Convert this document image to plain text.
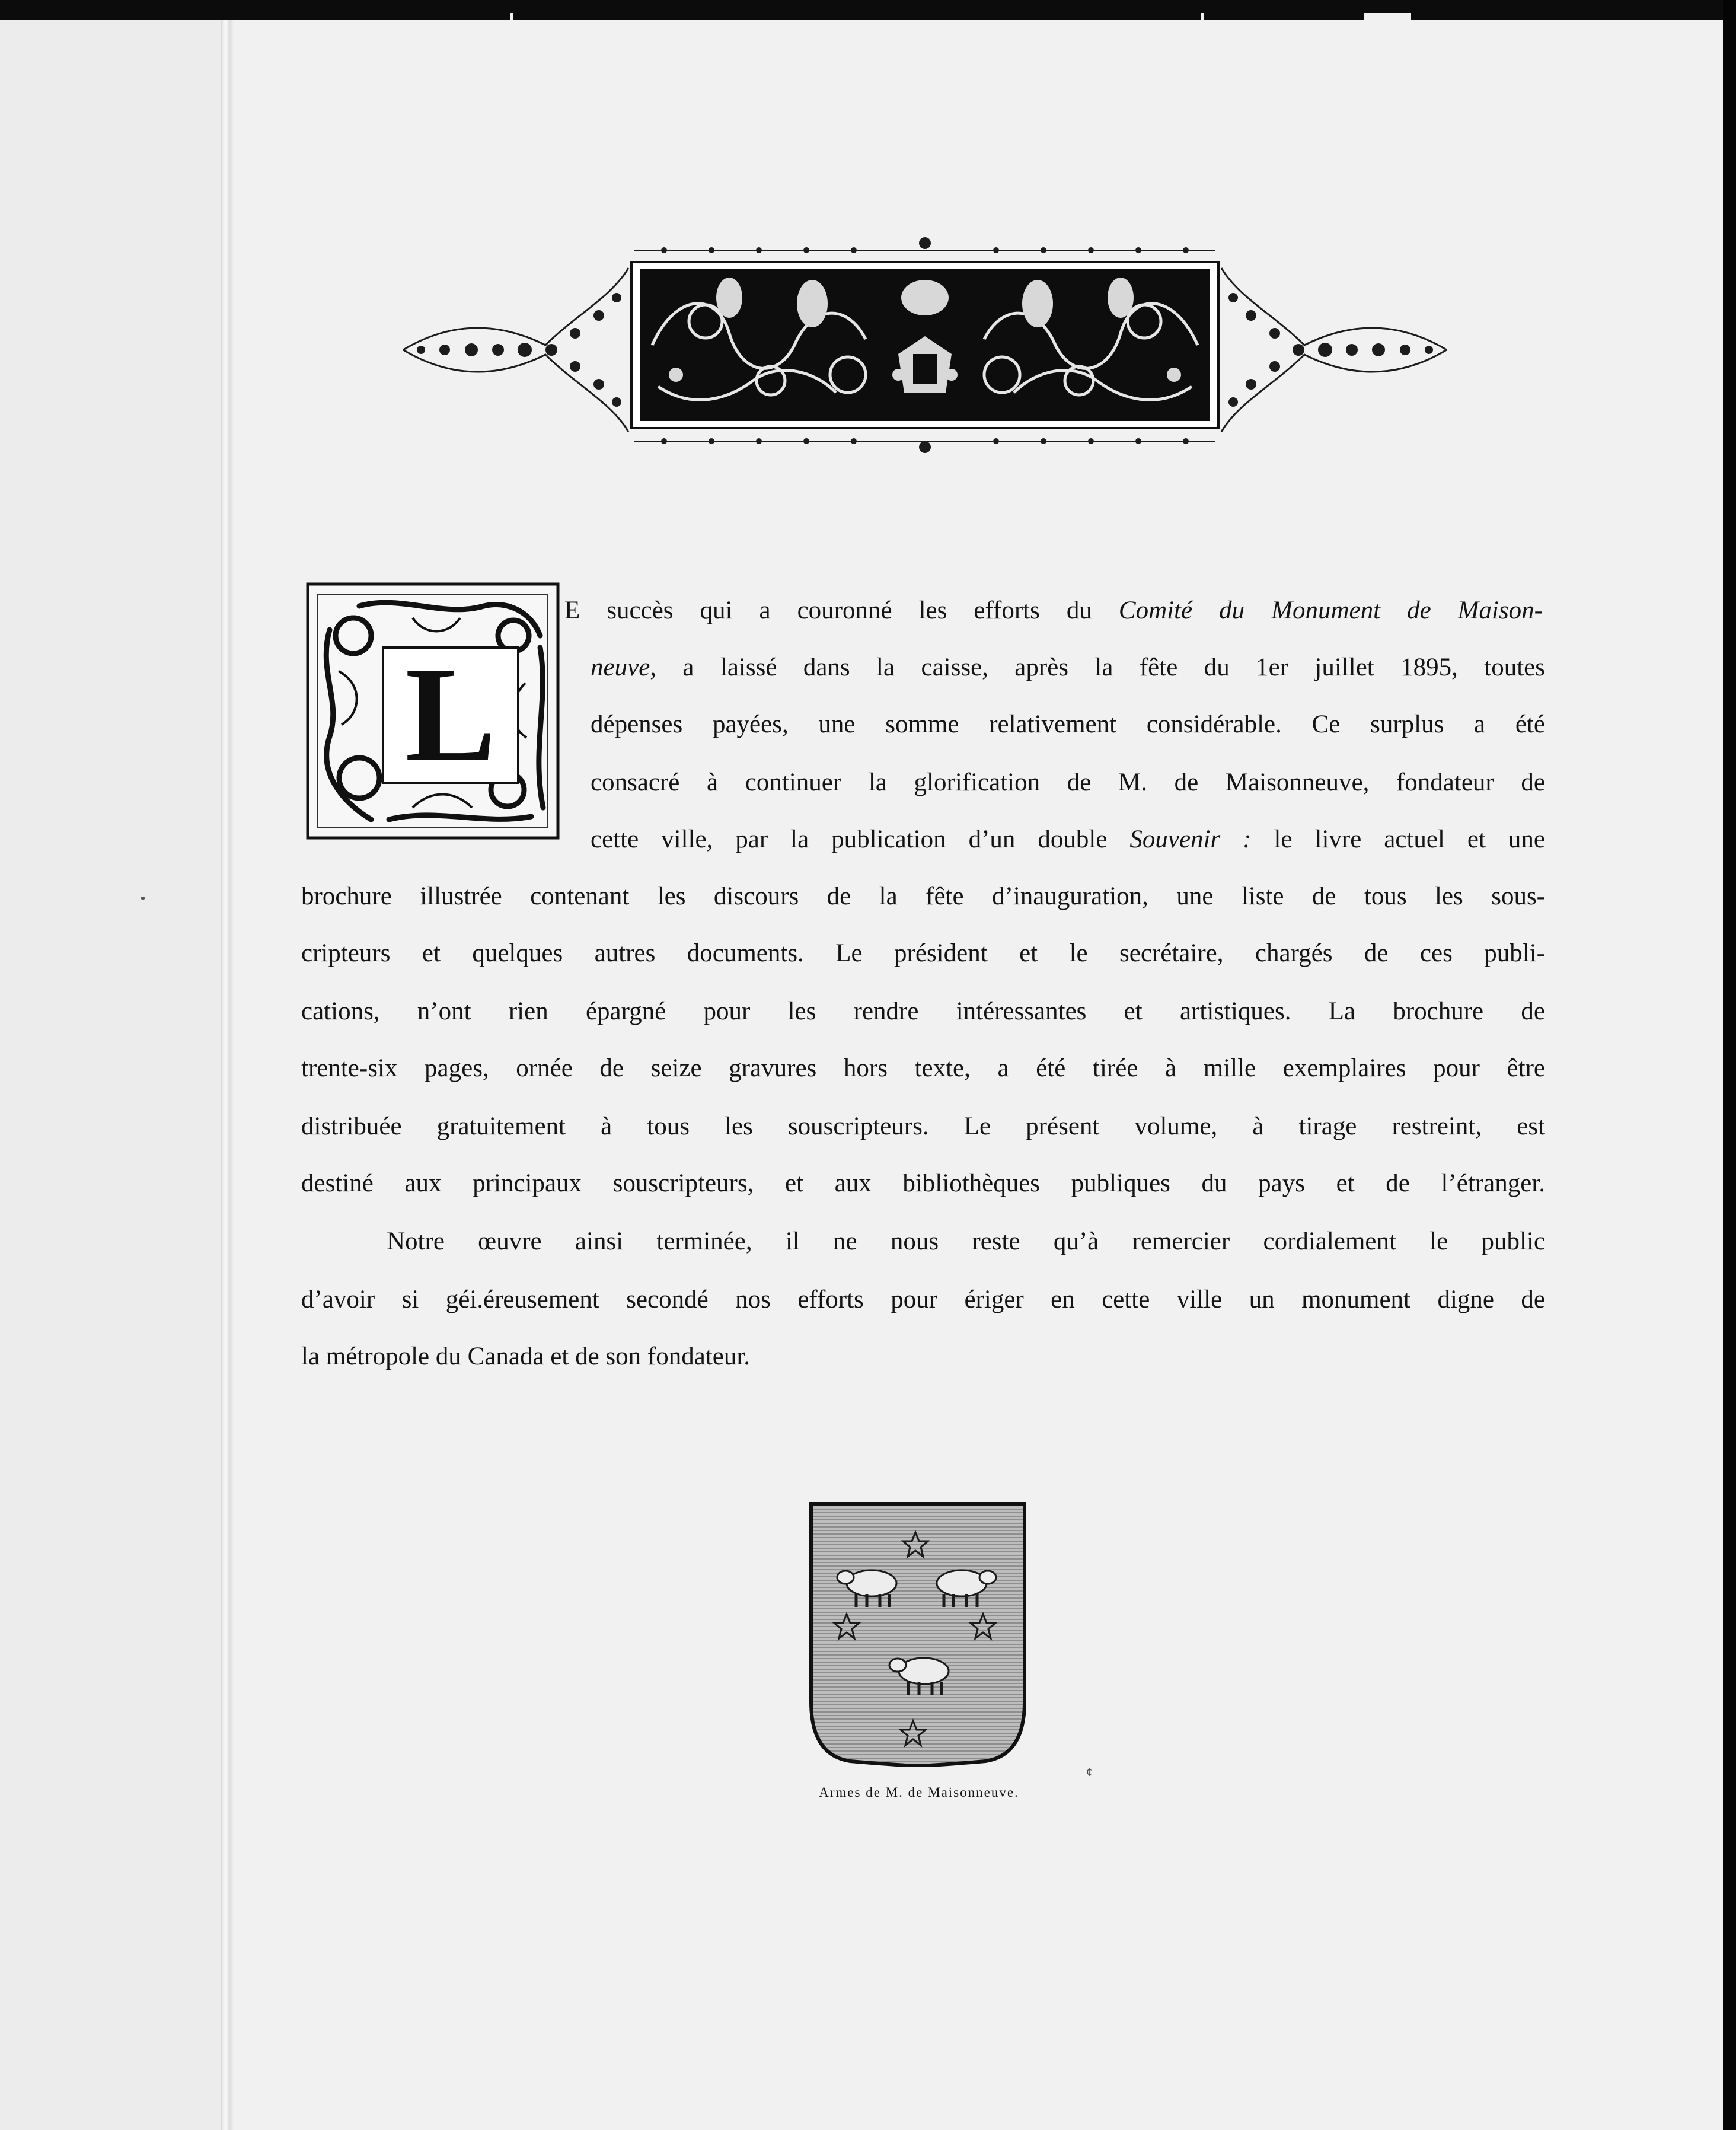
L

E succès qui a couronné les efforts du Comité du Monument de Maison-

neuve, a laissé dans la caisse, après la fête du 1er juillet 1895, toutes

dépenses payées, une somme relativement considérable. Ce surplus a été

consacré à continuer la glorification de M. de Maisonneuve, fondateur de

cette ville, par la publication d’un double Souvenir : le livre actuel et une

brochure illustrée contenant les discours de la fête d’inauguration, une liste de tous les sous-

cripteurs et quelques autres documents. Le président et le secrétaire, chargés de ces publi-

cations, n’ont rien épargné pour les rendre intéressantes et artistiques. La brochure de

trente-six pages, ornée de seize gravures hors texte, a été tirée à mille exemplaires pour être

distribuée gratuitement à tous les souscripteurs. Le présent volume, à tirage restreint, est

destiné aux principaux souscripteurs, et aux bibliothèques publiques du pays et de l’étranger.

Notre œuvre ainsi terminée, il ne nous reste qu’à remercier cordialement le public

d’avoir si géi.éreusement secondé nos efforts pour ériger en cette ville un monument digne de

la métropole du Canada et de son fondateur.

¢

Armes de M. de Maisonneuve.
